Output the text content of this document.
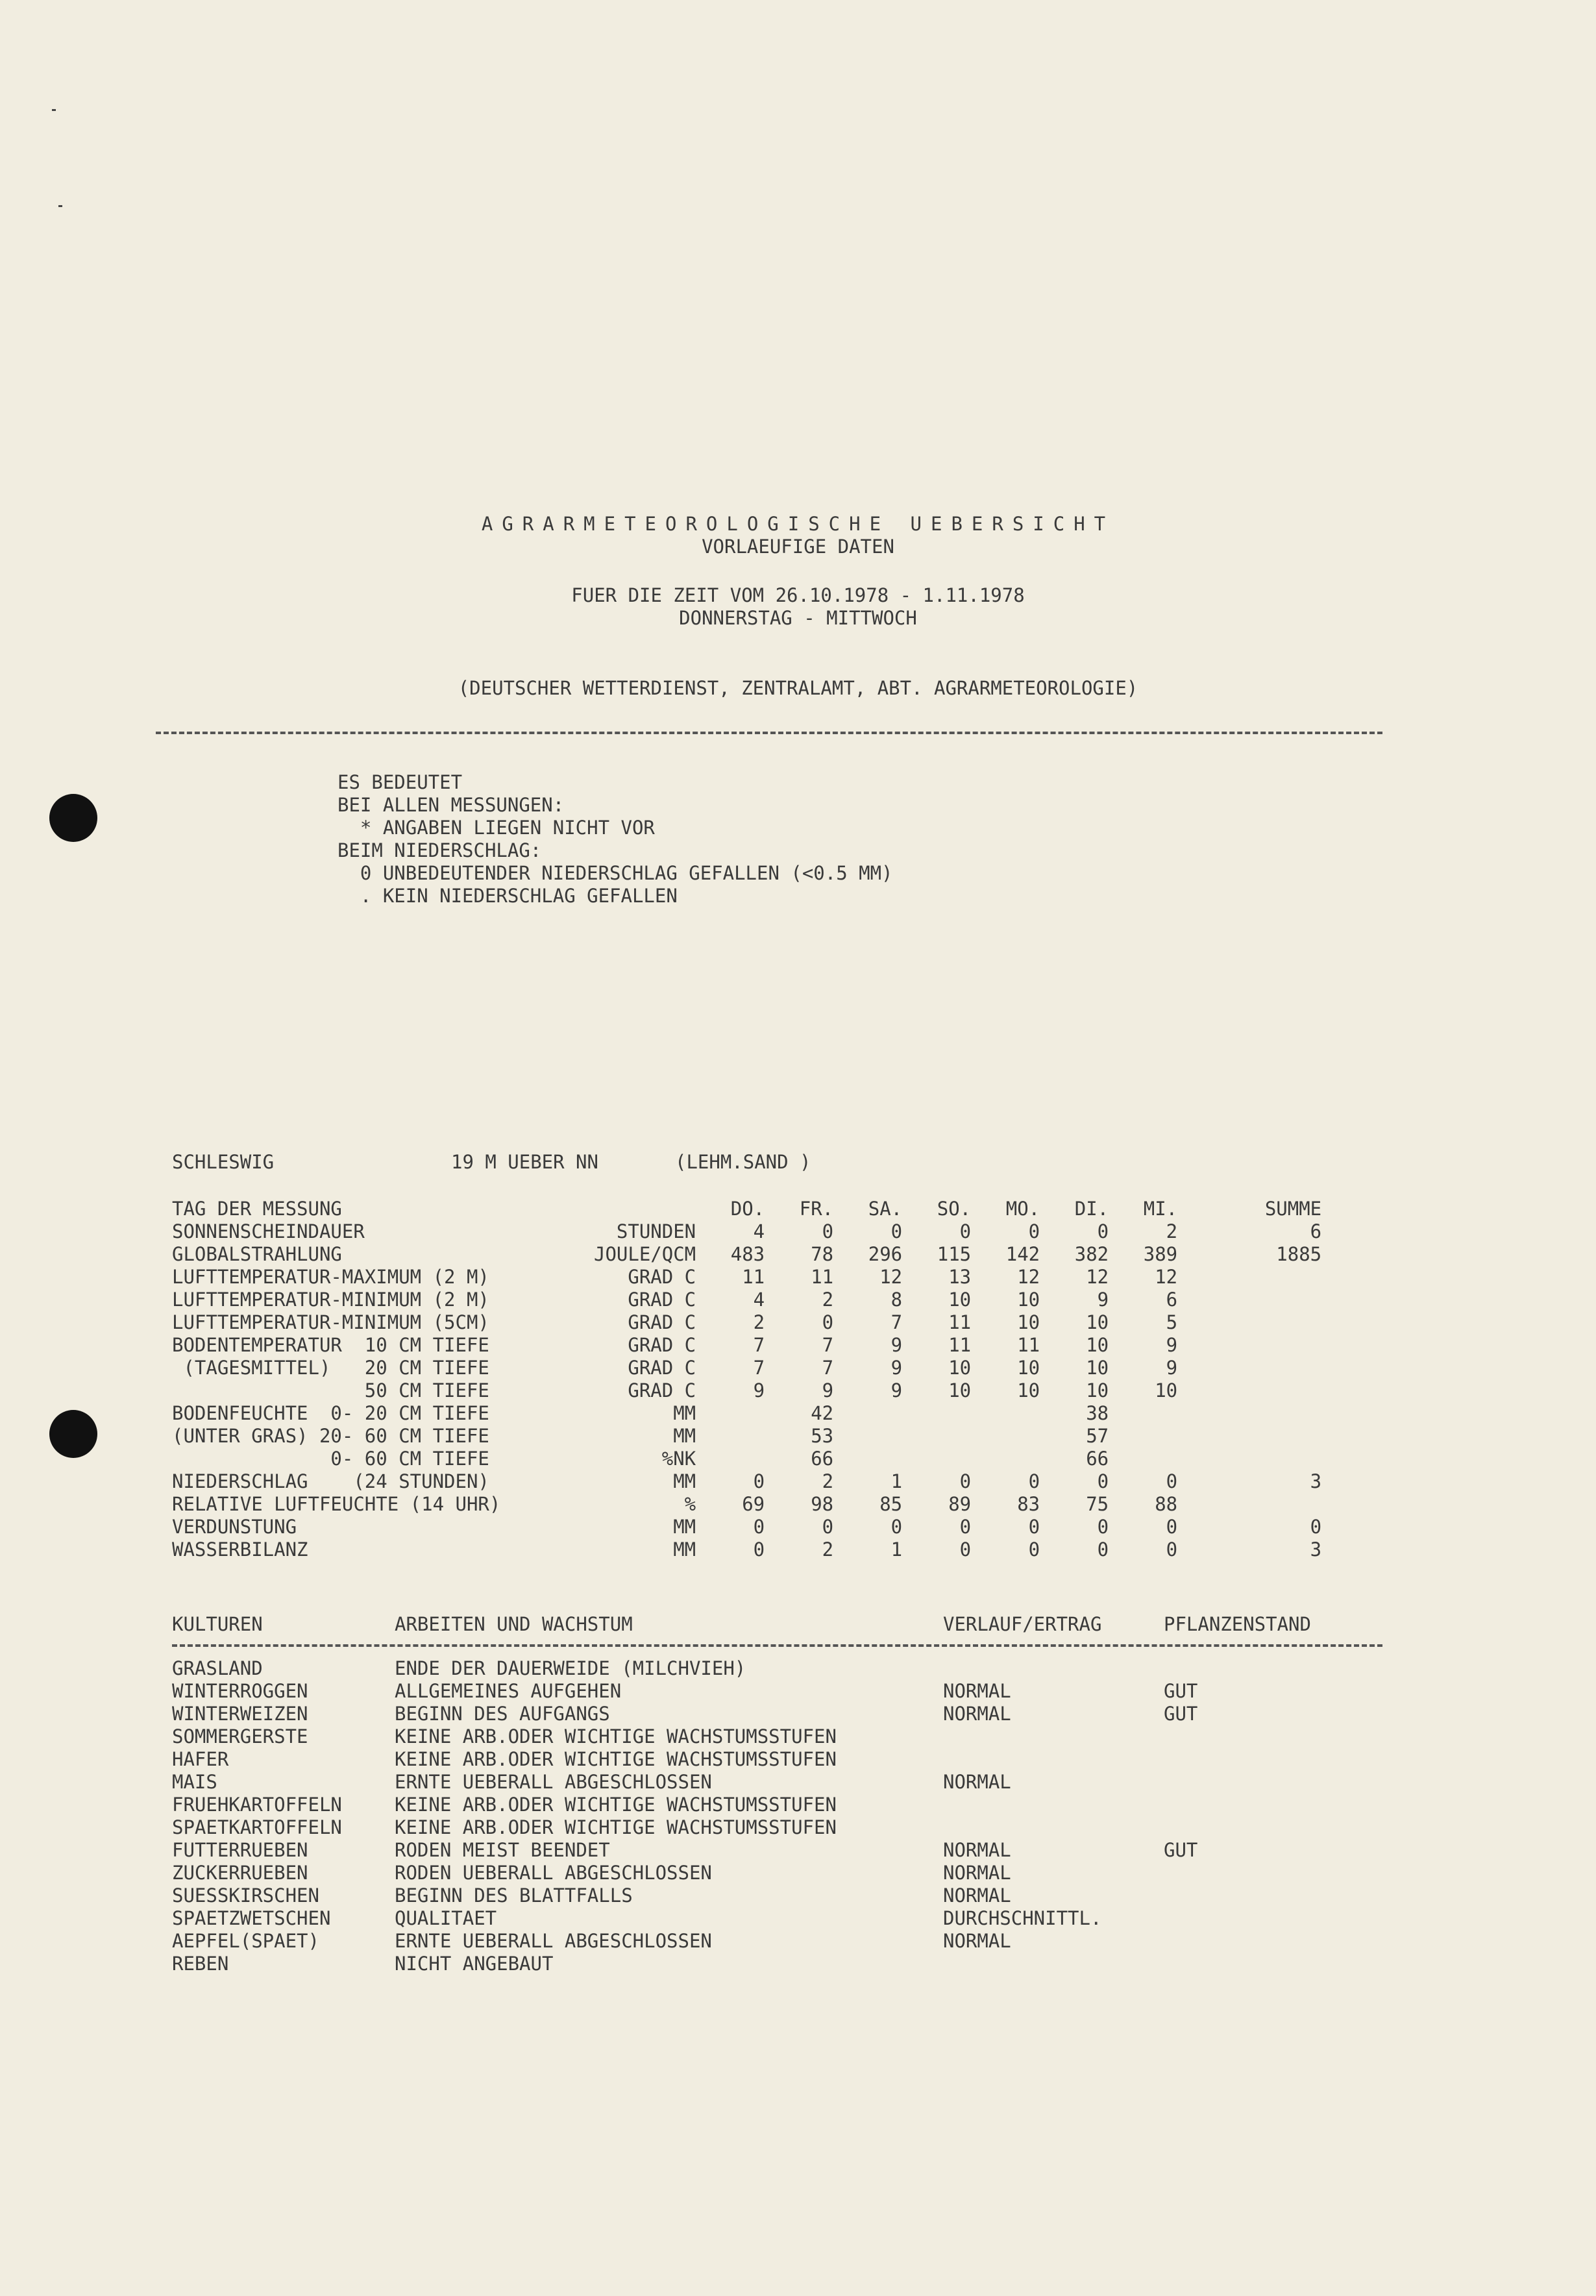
AGRARMETEOROLOGISCHE UEBERSICHT
VORLAEUFIGE DATEN
FUER DIE ZEIT VOM 26.10.1978 - 1.11.1978
DONNERSTAG - MITTWOCH
(DEUTSCHER WETTERDIENST, ZENTRALAMT, ABT. AGRARMETEOROLOGIE)
ES BEDEUTET
BEI ALLEN MESSUNGEN:
* ANGABEN LIEGEN NICHT VOR
BEIM NIEDERSCHLAG:
0 UNBEDEUTENDER NIEDERSCHLAG GEFALLEN (<0.5 MM)
. KEIN NIEDERSCHLAG GEFALLEN
SCHLESWIG	19 M UEBER NN	(LEHM.SAND )
TAG DER MESSUNG		DO.	FR.	SA.	SO.	MO.	DI.	MI.	SUMME
SONNENSCHEINDAUER	STUNDEN	4	0	0	0	0	0	2	6
GLOBALSTRAHLUNG	JOULE/QCM	483	78	296	115	142	382	389	1885
LUFTTEMPERATUR-MAXIMUM (2 M)	GRAD C	11	11	12	13	12	12	12	
LUFTTEMPERATUR-MINIMUM (2 M)	GRAD C	4	2	8	10	10	9	6	
LUFTTEMPERATUR-MINIMUM (5CM)	GRAD C	2	0	7	11	10	10	5	
BODENTEMPERATUR  10 CM TIEFE	GRAD C	7	7	9	11	11	10	9	
(TAGESMITTEL)   20 CM TIEFE	GRAD C	7	7	9	10	10	10	9	
50 CM TIEFE	GRAD C	9	9	9	10	10	10	10	
BODENFEUCHTE  0- 20 CM TIEFE	MM		42				38		
(UNTER GRAS) 20- 60 CM TIEFE	MM		53				57		
0- 60 CM TIEFE	%NK		66				66		
NIEDERSCHLAG    (24 STUNDEN)	MM	0	2	1	0	0	0	0	3
RELATIVE LUFTFEUCHTE (14 UHR)	%	69	98	85	89	83	75	88	
VERDUNSTUNG	MM	0	0	0	0	0	0	0	0
WASSERBILANZ	MM	0	2	1	0	0	0	0	3
KULTUREN	ARBEITEN UND WACHSTUM	VERLAUF/ERTRAG	PFLANZENSTAND
GRASLAND	ENDE DER DAUERWEIDE (MILCHVIEH)		
WINTERROGGEN	ALLGEMEINES AUFGEHEN	NORMAL	GUT
WINTERWEIZEN	BEGINN DES AUFGANGS	NORMAL	GUT
SOMMERGERSTE	KEINE ARB.ODER WICHTIGE WACHSTUMSSTUFEN		
HAFER	KEINE ARB.ODER WICHTIGE WACHSTUMSSTUFEN		
MAIS	ERNTE UEBERALL ABGESCHLOSSEN	NORMAL	
FRUEHKARTOFFELN	KEINE ARB.ODER WICHTIGE WACHSTUMSSTUFEN		
SPAETKARTOFFELN	KEINE ARB.ODER WICHTIGE WACHSTUMSSTUFEN		
FUTTERRUEBEN	RODEN MEIST BEENDET	NORMAL	GUT
ZUCKERRUEBEN	RODEN UEBERALL ABGESCHLOSSEN	NORMAL	
SUESSKIRSCHEN	BEGINN DES BLATTFALLS	NORMAL	
SPAETZWETSCHEN	QUALITAET	DURCHSCHNITTL.	
AEPFEL(SPAET)	ERNTE UEBERALL ABGESCHLOSSEN	NORMAL	
REBEN	NICHT ANGEBAUT		
